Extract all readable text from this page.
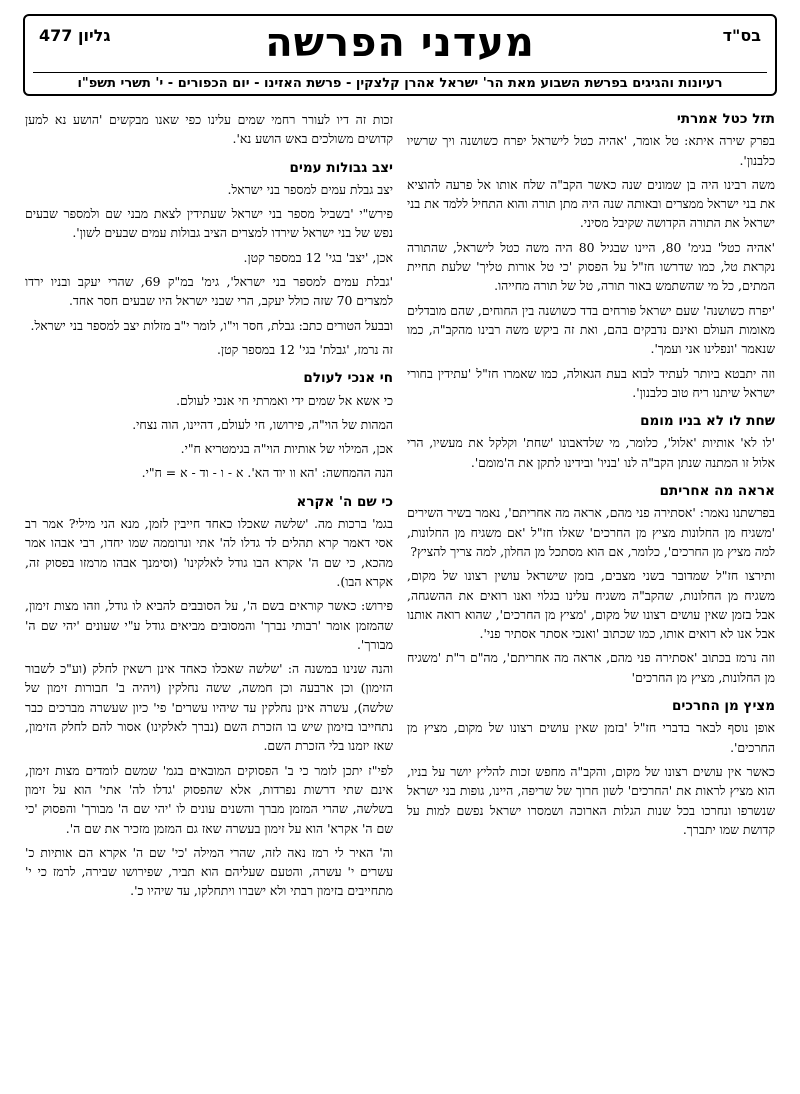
בס"ד
מעדני הפרשה
גליון 477
רעיונות והגיגים בפרשת השבוע מאת הר' ישראל אהרן קלצקין - פרשת האזינו - יום הכפורים - י' תשרי תשפ"ו
תזל כטל אמרתי

בפרק שירה איתא: טל אומר, 'אהיה כטל לישראל יפרח כשושנה ויך שרשיו כלבנון'.

משה רבינו היה בן שמונים שנה כאשר הקב"ה שלח אותו אל פרעה להוציא את בני ישראל ממצרים ובאותה שנה היה מתן תורה והוא התחיל ללמד את בני ישראל את התורה הקדושה שקיבל מסיני.

'אהיה כטל' בגימ' 80, היינו שבגיל 80 היה משה כטל לישראל, שהתורה נקראת טל, כמו שדרשו חז"ל על הפסוק 'כי טל אורות טליך' שלעת תחיית המתים, כל מי שהשתמש באור תורה, טל של תורה מחייהו.

'יפרח כשושנה' שעם ישראל פורחים בדד כשושנה בין החוחים, שהם מובדלים מאומות העולם ואינם נדבקים בהם, ואת זה ביקש משה רבינו מהקב"ה, כמו שנאמר 'ונפלינו אני ועמך'.

וזה יתבטא ביותר לעתיד לבוא בעת הגאולה, כמו שאמרו חז"ל 'עתידין בחורי ישראל שיתנו ריח טוב כלבנון'.

שחת לו לא בניו מומם

'לו לא' אותיות 'אלול', כלומר, מי שלדאבונו 'שחת' וקלקל את מעשיו, הרי אלול זו המתנה שנתן הקב"ה לנו 'בניו' ובידינו לתקן את ה'מומם'.

אראה מה אחריתם

בפרשתנו נאמר: 'אסתירה פני מהם, אראה מה אחריתם', נאמר בשיר השירים 'משגיח מן החלונות מציץ מן החרכים' שאלו חז"ל 'אם משגיח מן החלונות, למה מציץ מן החרכים', כלומר, אם הוא מסתכל מן החלון, למה צריך להציץ?

ותירצו חז"ל שמדובר בשני מצבים, בזמן שישראל עושין רצונו של מקום, משגיח מן החלונות, שהקב"ה משגיח עלינו בגלוי ואנו רואים את ההשגחה, אבל בזמן שאין עושים רצונו של מקום, 'מציץ מן החרכים', שהוא רואה אותנו אבל אנו לא רואים אותו, כמו שכתוב 'ואנכי אסתר אסתיר פני'.

וזה נרמז בכתוב 'אסתירה פני מהם, אראה מה אחריתם', מה"ם ר"ת 'משגיח מן החלונות, מציץ מן החרכים'

מציץ מן החרכים

אופן נוסף לבאר בדברי חז"ל 'בזמן שאין עושים רצונו של מקום, מציץ מן החרכים'.

כאשר אין עושים רצונו של מקום, והקב"ה מחפש זכות להליץ יושר על בניו, הוא מציץ לראות את 'החרכים' לשון חרוך של שריפה, היינו, גופות בני ישראל שנשרפו ונחרכו בכל שנות הגלות הארוכה ושמסרו ישראל נפשם למות על קדושת שמו יתברך.

זכות זה דיו לעורר רחמי שמים עלינו כפי שאנו מבקשים 'הושע נא למען קדושים משולכים באש הושע נא'.

יצב גבולות עמים

יצב גבלת עמים למספר בני ישראל.

פירש"י 'בשביל מספר בני ישראל שעתידין לצאת מבני שם ולמספר שבעים נפש של בני ישראל שירדו למצרים הציב גבולות עמים שבעים לשון'.

אכן, 'יצב' בגי' 12 במספר קטן.

'גבלת עמים למספר בני ישראל', גימ' במ"ק 69, שהרי יעקב ובניו ירדו למצרים 70 שזה כולל יעקב, הרי שבני ישראל היו שבעים חסר אחד.

ובבעל הטורים כתב: גבלת, חסר וי"ו, לומר י"ב מזלות יצב למספר בני ישראל.

זה נרמז, 'גבלת' בגי' 12 במספר קטן.

חי אנכי לעולם

כי אשא אל שמים ידי ואמרתי חי אנכי לעולם.

המהות של הוי"ה, פירושו, חי לעולם, דהיינו, הוה נצחי.

אכן, המילוי של אותיות הוי"ה בגימטריא ח"י.

הנה ההמחשה: 'הא וו יוד הא'. א - ו - וד - א = ח"י.

כי שם ה' אקרא

בגמ' ברכות מה. 'שלשה שאכלו כאחד חייבין לזמן, מנא הני מילי? אמר רב אסי דאמר קרא תהלים לד גדלו לה' אתי ונרוממה שמו יחדו, רבי אבהו אמר מהכא, כי שם ה' אקרא הבו גודל לאלקינו' (וסימנך אבהו מרמזו בפסוק זה, אקרא הבו).

פירוש: כאשר קוראים בשם ה', על הסובבים להביא לו גודל, וזהו מצות זימון, שהמזמן אומר 'רבותי נברך' והמסובים מביאים גודל ע"י שעונים 'יהי שם ה' מבורך'.

והנה שנינו במשנה ה: 'שלשה שאכלו כאחד אינן רשאין לחלק (וע"כ לשבור הזימון) וכן ארבעה וכן חמשה, ששה נחלקין (ויהיה ב' חבורות זימון של שלשה), עשרה אינן נחלקין עד שיהיו עשרים' פי' כיון שעשרה מברכים כבר נתחייבו בזימון שיש בו הזכרת השם (נברך לאלקינו) אסור להם לחלק הזימון, שאז יזמנו בלי הזכרת השם.

לפי"ז יתכן לומר כי ב' הפסוקים המובאים בגמ' שמשם לומדים מצות זימון, אינם שתי דרשות נפרדות, אלא שהפסוק 'גדלו לה' אתי' הוא על זימון בשלשה, שהרי המזמן מברך והשנים עונים לו 'יהי שם ה' מבורך' והפסוק 'כי שם ה' אקרא' הוא על זימון בעשרה שאז גם המזמן מזכיר את שם ה'.

וה' האיר לי רמז נאה לזה, שהרי המילה 'כי' שם ה' אקרא הם אותיות כ' עשרים י' עשרה, והטעם שעליהם הוא תביר, שפירושו שבירה, לרמז כי י' מתחייבים בזימון רבתי ולא ישברו ויתחלקו, עד שיהיו כ'.
